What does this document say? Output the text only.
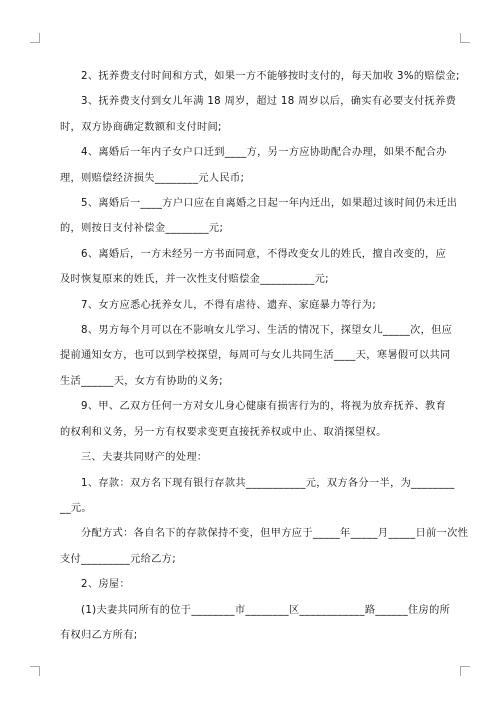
2、抚养费支付时间和方式，如果一方不能够按时支付的，每天加收 3%的赔偿金;
3、抚养费支付到女儿年满 18 周岁，超过 18 周岁以后，确实有必要支付抚养费
时，双方协商确定数额和支付时间;
4、离婚后一年内子女户口迁到____方，另一方应协助配合办理，如果不配合办
理，则赔偿经济损失________元人民币;
5、离婚后一____方户口应在自离婚之日起一年内迁出，如果超过该时间仍未迁出
的，则按日支付补偿金________元;
6、离婚后，一方未经另一方书面同意，不得改变女儿的姓氏，擅自改变的，应
及时恢复原来的姓氏，并一次性支付赔偿金__________元;
7、女方应悉心抚养女儿，不得有虐待、遗弃、家庭暴力等行为;
8、男方每个月可以在不影响女儿学习、生活的情况下，探望女儿_____次，但应
提前通知女方，也可以到学校探望，每周可与女儿共同生活____天，寒暑假可以共同
生活______天，女方有协助的义务;
9、甲、乙双方任何一方对女儿身心健康有损害行为的，将视为放弃抚养、教育
的权利和义务，另一方有权要求变更直接抚养权或中止、取消探望权。
三、夫妻共同财产的处理：
1、存款：双方名下现有银行存款共___________元，双方各分一半，为________
__元。
分配方式：各自名下的存款保持不变，但甲方应于_____年_____月_____日前一次性
支付_________元给乙方;
2、房屋：
(1)夫妻共同所有的位于________市________区____________路______住房的所
有权归乙方所有;
